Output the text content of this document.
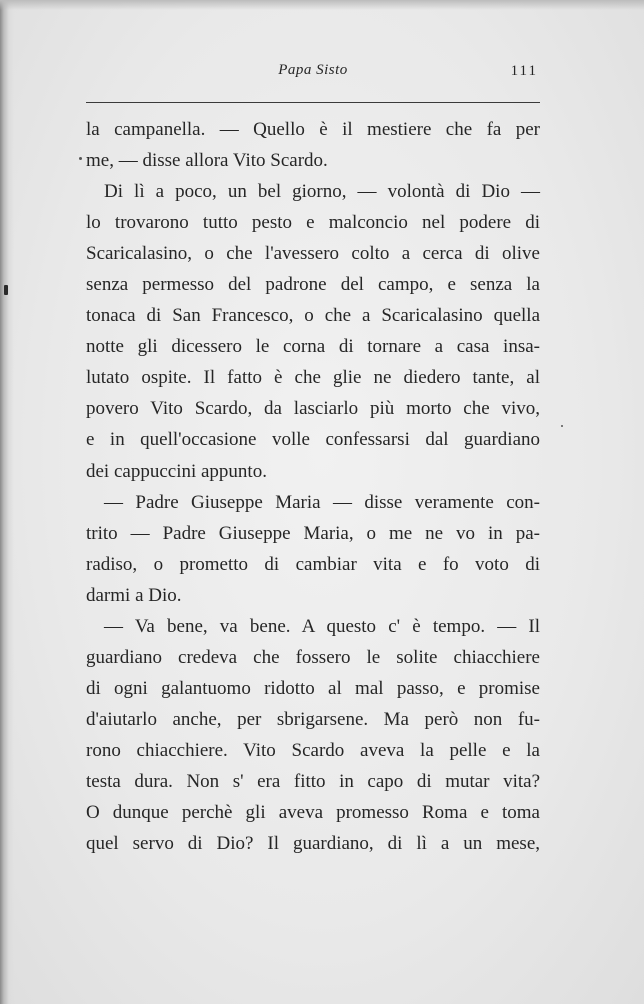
Papa Sisto	111
la campanella. — Quello è il mestiere che fa per
me, — disse allora Vito Scardo.
Di lì a poco, un bel giorno, — volontà di Dio —
lo trovarono tutto pesto e malconcio nel podere di
Scaricalasino, o che l'avessero colto a cerca di olive
senza permesso del padrone del campo, e senza la
tonaca di San Francesco, o che a Scaricalasino quella
notte gli dicessero le corna di tornare a casa insa-
lutato ospite. Il fatto è che glie ne diedero tante, al
povero Vito Scardo, da lasciarlo più morto che vivo,
e in quell'occasione volle confessarsi dal guardiano
dei cappuccini appunto.
— Padre Giuseppe Maria — disse veramente con-
trito — Padre Giuseppe Maria, o me ne vo in pa-
radiso, o prometto di cambiar vita e fo voto di
darmi a Dio.
— Va bene, va bene. A questo c' è tempo. — Il
guardiano credeva che fossero le solite chiacchiere
di ogni galantuomo ridotto al mal passo, e promise
d'aiutarlo anche, per sbrigarsene. Ma però non fu-
rono chiacchiere. Vito Scardo aveva la pelle e la
testa dura. Non s' era fitto in capo di mutar vita?
O dunque perchè gli aveva promesso Roma e toma
quel servo di Dio? Il guardiano, di lì a un mese,
